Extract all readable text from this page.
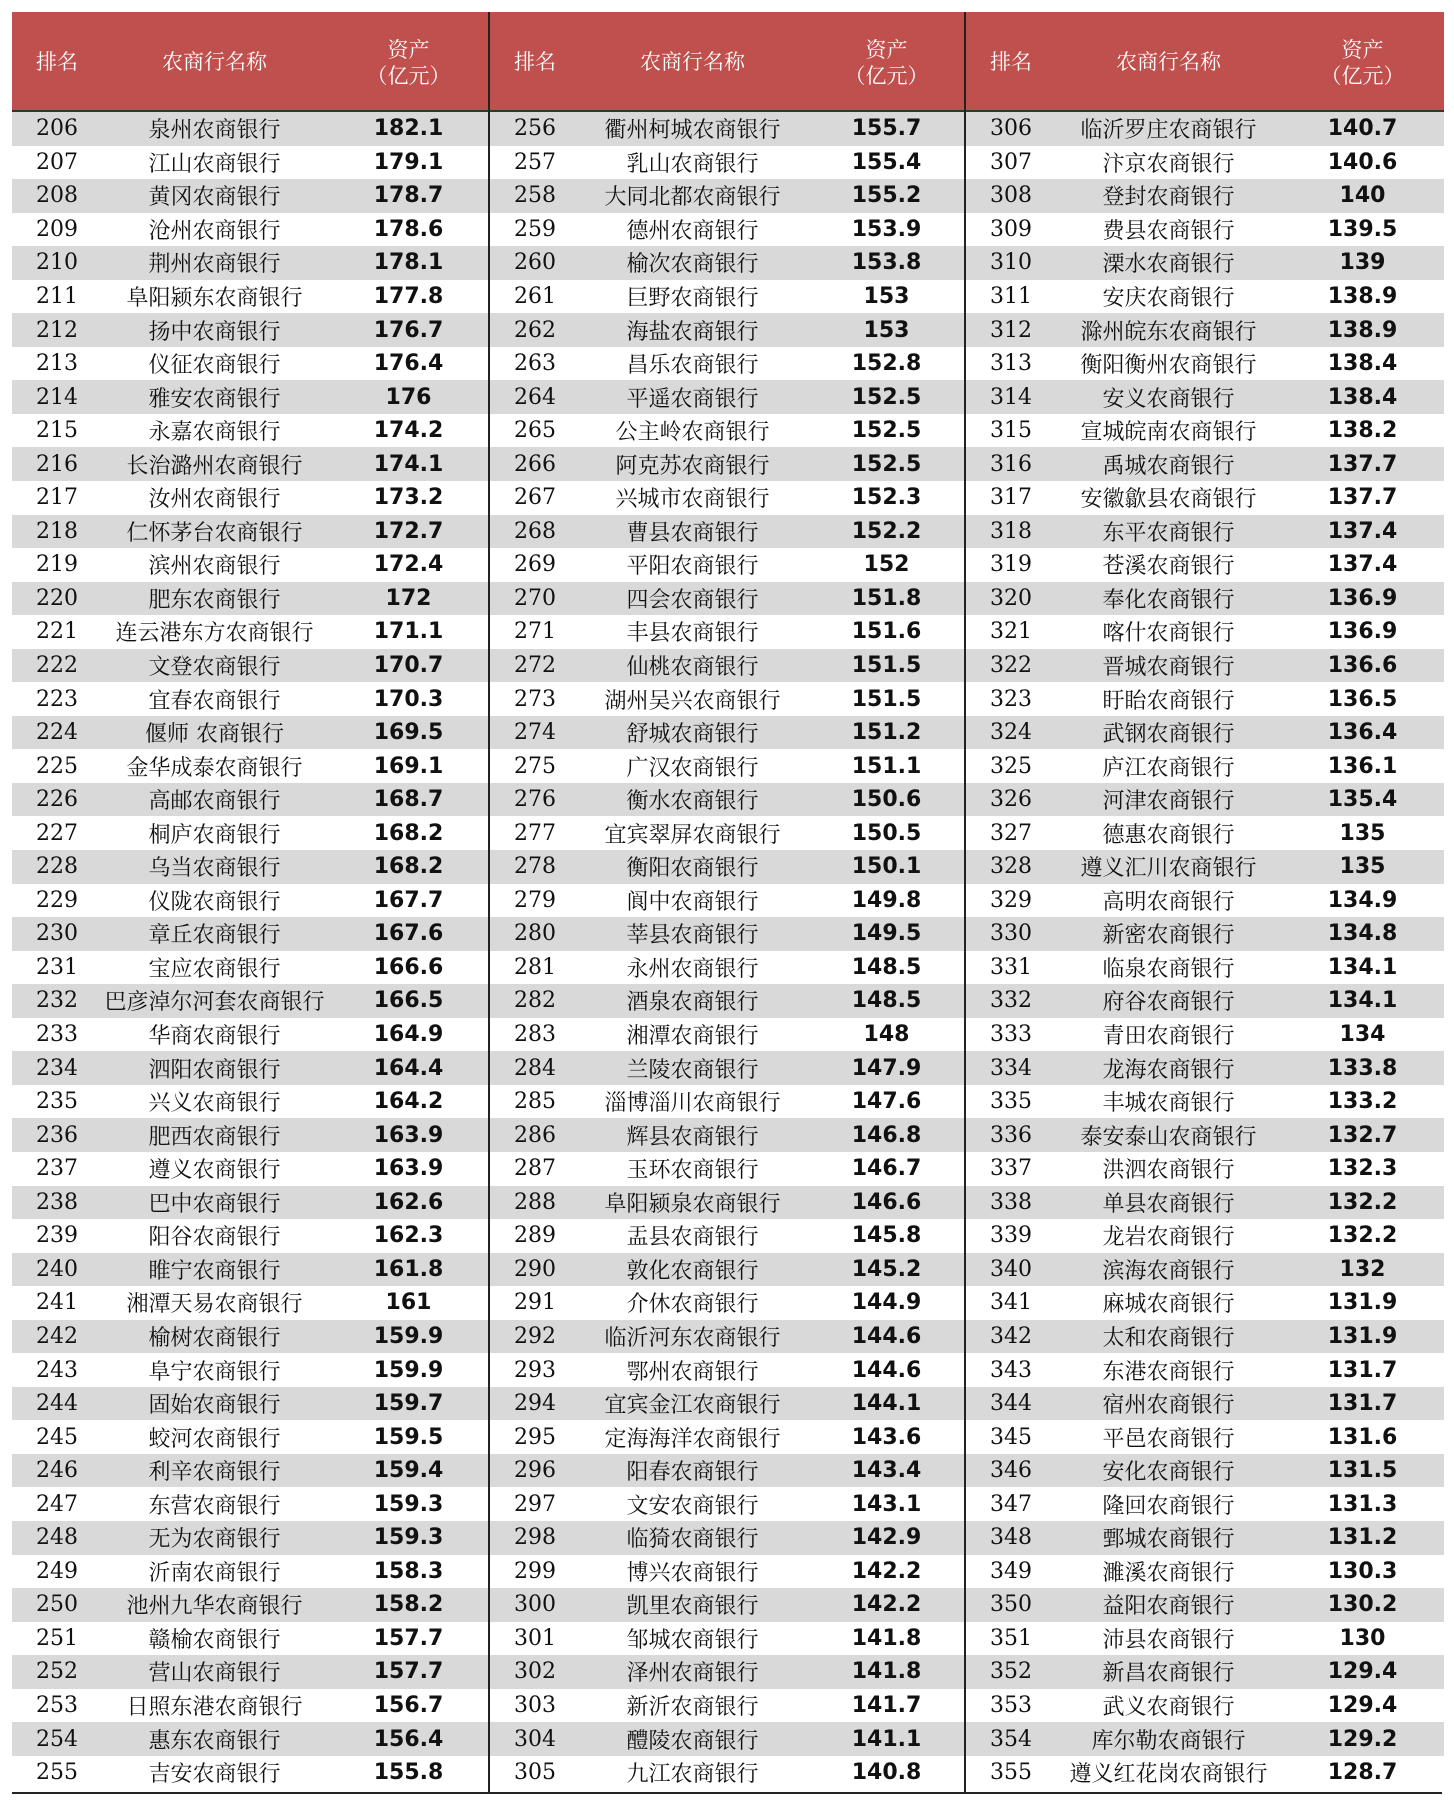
排名	农商行名称	资产
（亿元）
206	泉州农商银行	182.1
207	江山农商银行	179.1
208	黄冈农商银行	178.7
209	沧州农商银行	178.6
210	荆州农商银行	178.1
211	阜阳颍东农商银行	177.8
212	扬中农商银行	176.7
213	仪征农商银行	176.4
214	雅安农商银行	176
215	永嘉农商银行	174.2
216	长治潞州农商银行	174.1
217	汝州农商银行	173.2
218	仁怀茅台农商银行	172.7
219	滨州农商银行	172.4
220	肥东农商银行	172
221	连云港东方农商银行	171.1
222	文登农商银行	170.7
223	宜春农商银行	170.3
224	偃师 农商银行	169.5
225	金华成泰农商银行	169.1
226	高邮农商银行	168.7
227	桐庐农商银行	168.2
228	乌当农商银行	168.2
229	仪陇农商银行	167.7
230	章丘农商银行	167.6
231	宝应农商银行	166.6
232	巴彦淖尔河套农商银行	166.5
233	华商农商银行	164.9
234	泗阳农商银行	164.4
235	兴义农商银行	164.2
236	肥西农商银行	163.9
237	遵义农商银行	163.9
238	巴中农商银行	162.6
239	阳谷农商银行	162.3
240	睢宁农商银行	161.8
241	湘潭天易农商银行	161
242	榆树农商银行	159.9
243	阜宁农商银行	159.9
244	固始农商银行	159.7
245	蛟河农商银行	159.5
246	利辛农商银行	159.4
247	东营农商银行	159.3
248	无为农商银行	159.3
249	沂南农商银行	158.3
250	池州九华农商银行	158.2
251	赣榆农商银行	157.7
252	营山农商银行	157.7
253	日照东港农商银行	156.7
254	惠东农商银行	156.4
255	吉安农商银行	155.8
排名	农商行名称	资产
（亿元）
256	衢州柯城农商银行	155.7
257	乳山农商银行	155.4
258	大同北都农商银行	155.2
259	德州农商银行	153.9
260	榆次农商银行	153.8
261	巨野农商银行	153
262	海盐农商银行	153
263	昌乐农商银行	152.8
264	平遥农商银行	152.5
265	公主岭农商银行	152.5
266	阿克苏农商银行	152.5
267	兴城市农商银行	152.3
268	曹县农商银行	152.2
269	平阳农商银行	152
270	四会农商银行	151.8
271	丰县农商银行	151.6
272	仙桃农商银行	151.5
273	湖州吴兴农商银行	151.5
274	舒城农商银行	151.2
275	广汉农商银行	151.1
276	衡水农商银行	150.6
277	宜宾翠屏农商银行	150.5
278	衡阳农商银行	150.1
279	阆中农商银行	149.8
280	莘县农商银行	149.5
281	永州农商银行	148.5
282	酒泉农商银行	148.5
283	湘潭农商银行	148
284	兰陵农商银行	147.9
285	淄博淄川农商银行	147.6
286	辉县农商银行	146.8
287	玉环农商银行	146.7
288	阜阳颍泉农商银行	146.6
289	盂县农商银行	145.8
290	敦化农商银行	145.2
291	介休农商银行	144.9
292	临沂河东农商银行	144.6
293	鄂州农商银行	144.6
294	宜宾金江农商银行	144.1
295	定海海洋农商银行	143.6
296	阳春农商银行	143.4
297	文安农商银行	143.1
298	临猗农商银行	142.9
299	博兴农商银行	142.2
300	凯里农商银行	142.2
301	邹城农商银行	141.8
302	泽州农商银行	141.8
303	新沂农商银行	141.7
304	醴陵农商银行	141.1
305	九江农商银行	140.8
排名	农商行名称	资产
（亿元）
306	临沂罗庄农商银行	140.7
307	汴京农商银行	140.6
308	登封农商银行	140
309	费县农商银行	139.5
310	溧水农商银行	139
311	安庆农商银行	138.9
312	滁州皖东农商银行	138.9
313	衡阳衡州农商银行	138.4
314	安义农商银行	138.4
315	宣城皖南农商银行	138.2
316	禹城农商银行	137.7
317	安徽歙县农商银行	137.7
318	东平农商银行	137.4
319	苍溪农商银行	137.4
320	奉化农商银行	136.9
321	喀什农商银行	136.9
322	晋城农商银行	136.6
323	盱眙农商银行	136.5
324	武钢农商银行	136.4
325	庐江农商银行	136.1
326	河津农商银行	135.4
327	德惠农商银行	135
328	遵义汇川农商银行	135
329	高明农商银行	134.9
330	新密农商银行	134.8
331	临泉农商银行	134.1
332	府谷农商银行	134.1
333	青田农商银行	134
334	龙海农商银行	133.8
335	丰城农商银行	133.2
336	泰安泰山农商银行	132.7
337	洪泗农商银行	132.3
338	单县农商银行	132.2
339	龙岩农商银行	132.2
340	滨海农商银行	132
341	麻城农商银行	131.9
342	太和农商银行	131.9
343	东港农商银行	131.7
344	宿州农商银行	131.7
345	平邑农商银行	131.6
346	安化农商银行	131.5
347	隆回农商银行	131.3
348	鄄城农商银行	131.2
349	濉溪农商银行	130.3
350	益阳农商银行	130.2
351	沛县农商银行	130
352	新昌农商银行	129.4
353	武义农商银行	129.4
354	库尔勒农商银行	129.2
355	遵义红花岗农商银行	128.7
